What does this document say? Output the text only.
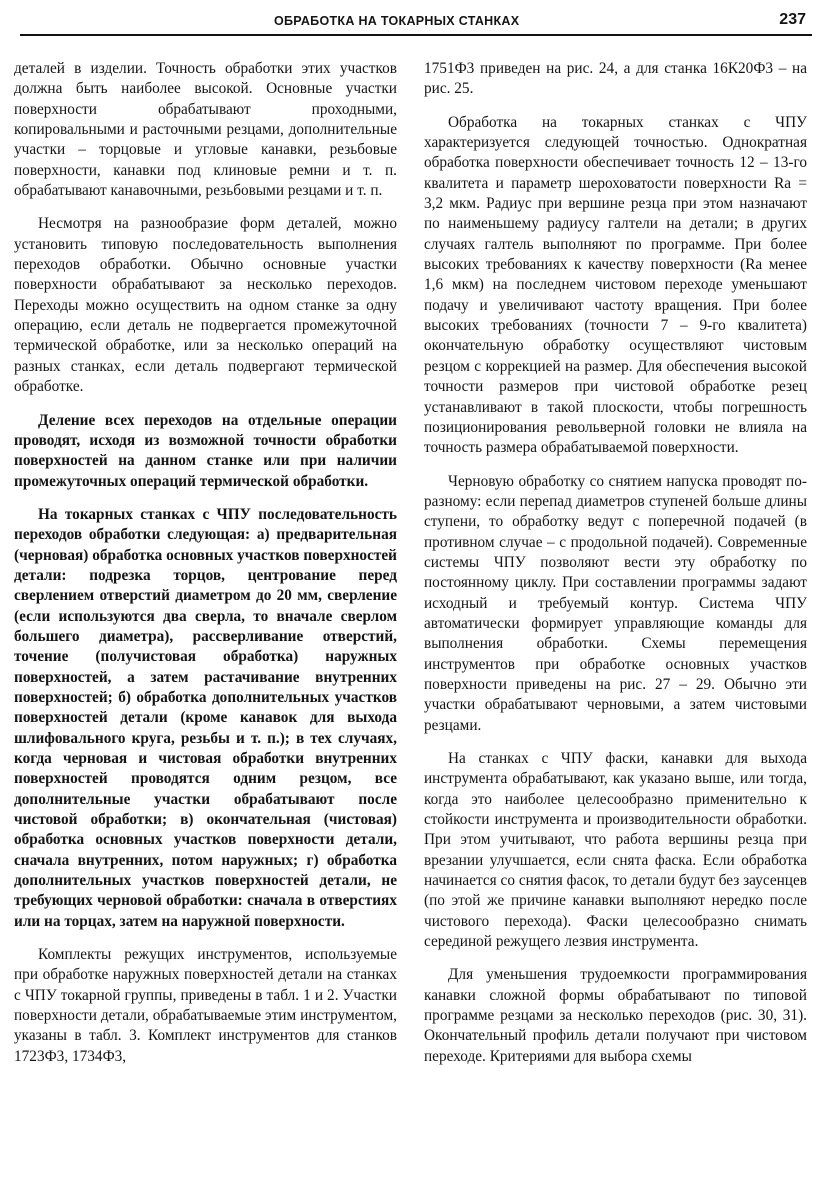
ОБРАБОТКА НА ТОКАРНЫХ СТАНКАХ	237

деталей в изделии. Точность обработки этих участков должна быть наиболее высокой. Основные участки поверхности обрабатывают проходными, копировальными и расточными резцами, дополнительные участки – торцовые и угловые канавки, резьбовые поверхности, канавки под клиновые ремни и т. п. обрабатывают канавочными, резьбовыми резцами и т. п.

Несмотря на разнообразие форм деталей, можно установить типовую последовательность выполнения переходов обработки. Обычно основные участки поверхности обрабатывают за несколько переходов. Переходы можно осуществить на одном станке за одну операцию, если деталь не подвергается промежуточной термической обработке, или за несколько операций на разных станках, если деталь подвергают термической обработке.

Деление всех переходов на отдельные операции проводят, исходя из возможной точности обработки поверхностей на данном станке или при наличии промежуточных операций термической обработки.

На токарных станках с ЧПУ последовательность переходов обработки следующая: а) предварительная (черновая) обработка основных участков поверхностей детали: подрезка торцов, центрование перед сверлением отверстий диаметром до 20 мм, сверление (если используются два сверла, то вначале сверлом большего диаметра), рассверливание отверстий, точение (получистовая обработка) наружных поверхностей, а затем растачивание внутренних поверхностей; б) обработка дополнительных участков поверхностей детали (кроме канавок для выхода шлифовального круга, резьбы и т. п.); в тех случаях, когда черновая и чистовая обработки внутренних поверхностей проводятся одним резцом, все дополнительные участки обрабатывают после чистовой обработки; в) окончательная (чистовая) обработка основных участков поверхности детали, сначала внутренних, потом наружных; г) обработка дополнительных участков поверхностей детали, не требующих черновой обработки: сначала в отверстиях или на торцах, затем на наружной поверхности.

Комплекты режущих инструментов, используемые при обработке наружных поверхностей детали на станках с ЧПУ токарной группы, приведены в табл. 1 и 2. Участки поверхности детали, обрабатываемые этим инструментом, указаны в табл. 3. Комплект инструментов для станков 1723Ф3, 1734Ф3,

1751Ф3 приведен на рис. 24, а для станка 16К20Ф3 – на рис. 25.

Обработка на токарных станках с ЧПУ характеризуется следующей точностью. Однократная обработка поверхности обеспечивает точность 12 – 13-го квалитета и параметр шероховатости поверхности Ra = 3,2 мкм. Радиус при вершине резца при этом назначают по наименьшему радиусу галтели на детали; в других случаях галтель выполняют по программе. При более высоких требованиях к качеству поверхности (Ra менее 1,6 мкм) на последнем чистовом переходе уменьшают подачу и увеличивают частоту вращения. При более высоких требованиях (точности 7 – 9-го квалитета) окончательную обработку осуществляют чистовым резцом с коррекцией на размер. Для обеспечения высокой точности размеров при чистовой обработке резец устанавливают в такой плоскости, чтобы погрешность позиционирования револьверной головки не влияла на точность размера обрабатываемой поверхности.

Черновую обработку со снятием напуска проводят по-разному: если перепад диаметров ступеней больше длины ступени, то обработку ведут с поперечной подачей (в противном случае – с продольной подачей). Современные системы ЧПУ позволяют вести эту обработку по постоянному циклу. При составлении программы задают исходный и требуемый контур. Система ЧПУ автоматически формирует управляющие команды для выполнения обработки. Схемы перемещения инструментов при обработке основных участков поверхности приведены на рис. 27 – 29. Обычно эти участки обрабатывают черновыми, а затем чистовыми резцами.

На станках с ЧПУ фаски, канавки для выхода инструмента обрабатывают, как указано выше, или тогда, когда это наиболее целесообразно применительно к стойкости инструмента и производительности обработки. При этом учитывают, что работа вершины резца при врезании улучшается, если снята фаска. Если обработка начинается со снятия фасок, то детали будут без заусенцев (по этой же причине канавки выполняют нередко после чистового перехода). Фаски целесообразно снимать серединой режущего лезвия инструмента.

Для уменьшения трудоемкости программирования канавки сложной формы обрабатывают по типовой программе резцами за несколько переходов (рис. 30, 31). Окончательный профиль детали получают при чистовом переходе. Критериями для выбора схемы
